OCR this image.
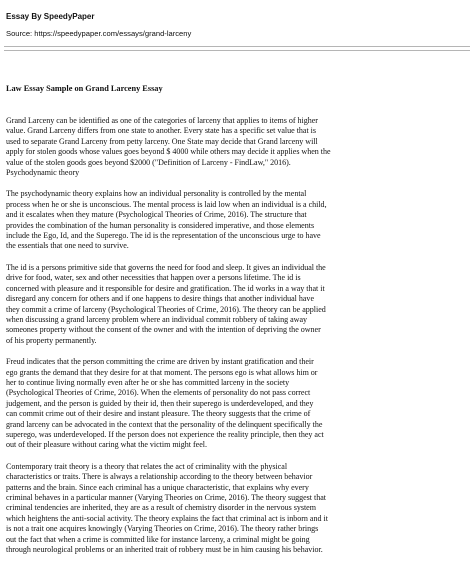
Essay By SpeedyPaper
Source: https://speedypaper.com/essays/grand-larceny
Law Essay Sample on Grand Larceny Essay

Grand Larceny can be identified as one of the categories of larceny that applies to items of higher
value. Grand Larceny differs from one state to another. Every state has a specific set value that is
used to separate Grand Larceny from petty larceny. One State may decide that Grand larceny will
apply for stolen goods whose values goes beyond $ 4000 while others may decide it applies when the
value of the stolen goods goes beyond $2000 ("Definition of Larceny - FindLaw," 2016).
Psychodynamic theory

The psychodynamic theory explains how an individual personality is controlled by the mental
process when he or she is unconscious. The mental process is laid low when an individual is a child,
and it escalates when they mature (Psychological Theories of Crime, 2016). The structure that
provides the combination of the human personality is considered imperative, and those elements
include the Ego, Id, and the Superego. The id is the representation of the unconscious urge to have
the essentials that one need to survive.

The id is a persons primitive side that governs the need for food and sleep. It gives an individual the
drive for food, water, sex and other necessities that happen over a persons lifetime. The id is
concerned with pleasure and it responsible for desire and gratification. The id works in a way that it
disregard any concern for others and if one happens to desire things that another individual have
they commit a crime of larceny (Psychological Theories of Crime, 2016). The theory can be applied
when discussing a grand larceny problem where an individual commit robbery of taking away
someones property without the consent of the owner and with the intention of depriving the owner
of his property permanently.

Freud indicates that the person committing the crime are driven by instant gratification and their
ego grants the demand that they desire for at that moment. The persons ego is what allows him or
her to continue living normally even after he or she has committed larceny in the society
(Psychological Theories of Crime, 2016). When the elements of personality do not pass correct
judgement, and the person is guided by their id, then their superego is underdeveloped, and they
can commit crime out of their desire and instant pleasure. The theory suggests that the crime of
grand larceny can be advocated in the context that the personality of the delinquent specifically the
superego, was underdeveloped. If the person does not experience the reality principle, then they act
out of their pleasure without caring what the victim might feel.

Contemporary trait theory is a theory that relates the act of criminality with the physical
characteristics or traits. There is always a relationship according to the theory between behavior
patterns and the brain. Since each criminal has a unique characteristic, that explains why every
criminal behaves in a particular manner (Varying Theories on Crime, 2016). The theory suggest that
criminal tendencies are inherited, they are as a result of chemistry disorder in the nervous system
which heightens the anti-social activity. The theory explains the fact that criminal act is inborn and it
is not a trait one acquires knowingly (Varying Theories on Crime, 2016). The theory rather brings
out the fact that when a crime is committed like for instance larceny, a criminal might be going
through neurological problems or an inherited trait of robbery must be in him causing his behavior.
